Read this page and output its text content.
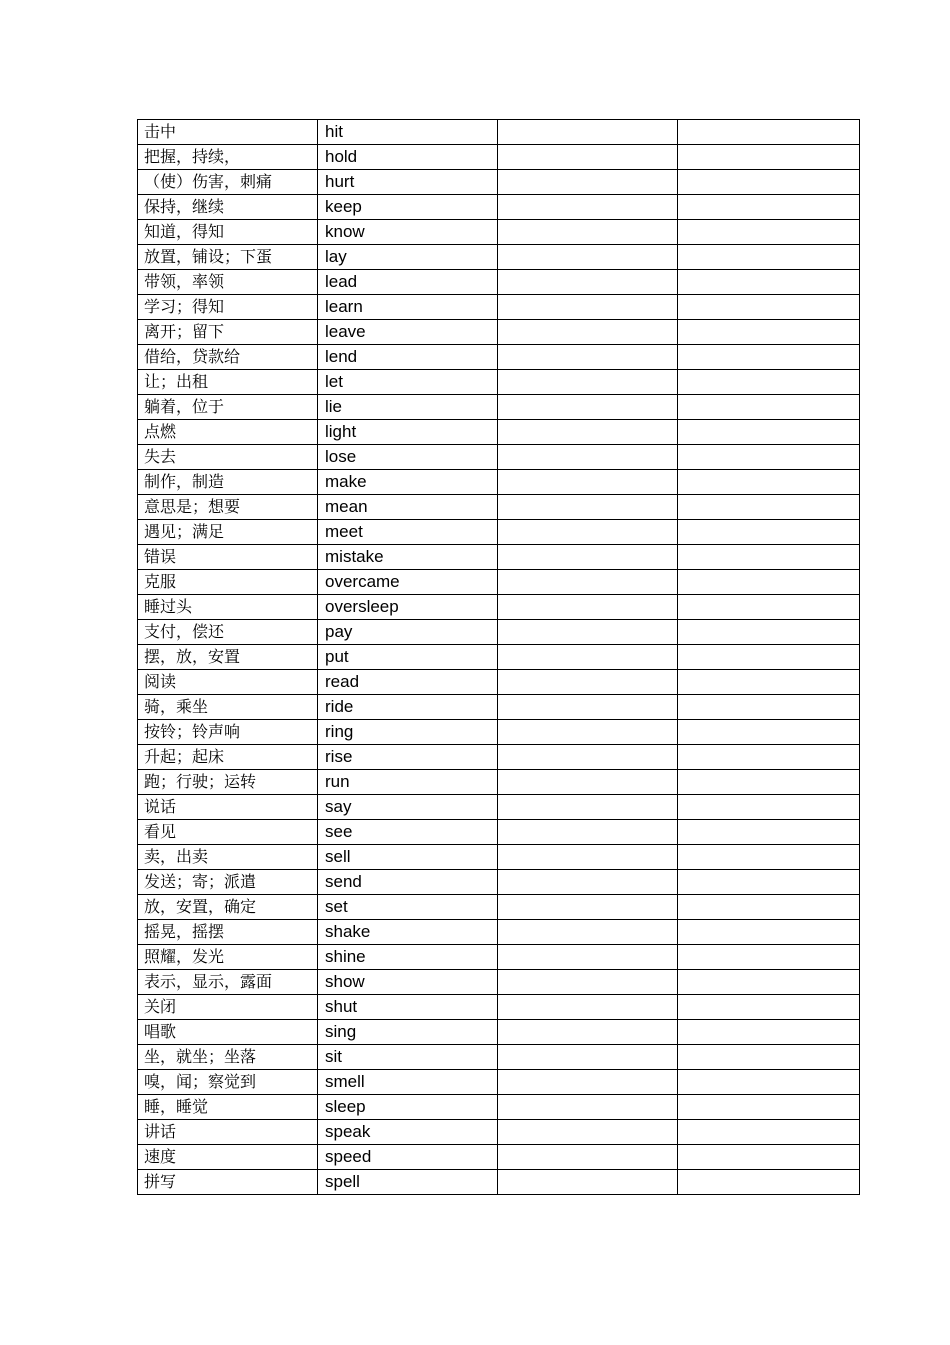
击中	hit		
把握，持续，	hold		
（使）伤害，刺痛	hurt		
保持，继续	keep		
知道，得知	know		
放置，铺设；下蛋	lay		
带领，率领	lead		
学习；得知	learn		
离开；留下	leave		
借给，贷款给	lend		
让；出租	let		
躺着，位于	lie		
点燃	light		
失去	lose		
制作，制造	make		
意思是；想要	mean		
遇见；满足	meet		
错误	mistake		
克服	overcame		
睡过头	oversleep		
支付，偿还	pay		
摆，放，安置	put		
阅读	read		
骑，乘坐	ride		
按铃；铃声响	ring		
升起；起床	rise		
跑；行驶；运转	run		
说话	say		
看见	see		
卖，出卖	sell		
发送；寄；派遣	send		
放，安置，确定	set		
摇晃，摇摆	shake		
照耀，发光	shine		
表示，显示，露面	show		
关闭	shut		
唱歌	sing		
坐，就坐；坐落	sit		
嗅，闻；察觉到	smell		
睡，睡觉	sleep		
讲话	speak		
速度	speed		
拼写	spell		
